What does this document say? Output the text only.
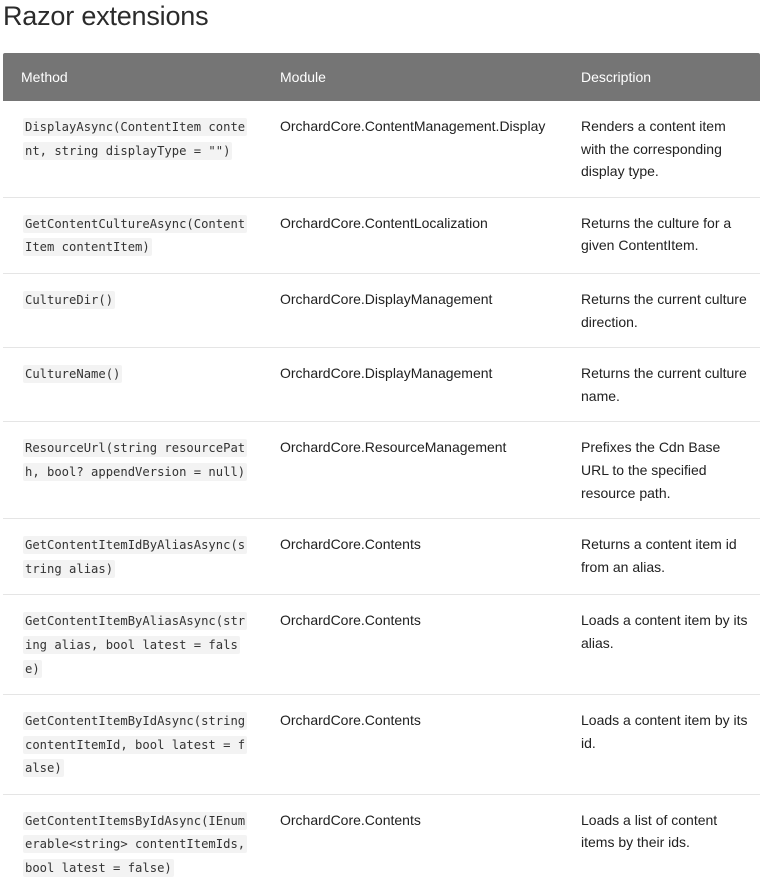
Razor extensions
Method	Module	Description
DisplayAsync(ContentItem content, string displayType = "")	OrchardCore.ContentManagement.Display	Renders a content item with the corresponding display type.
GetContentCultureAsync(ContentItem contentItem)	OrchardCore.ContentLocalization	Returns the culture for a given ContentItem.
CultureDir()	OrchardCore.DisplayManagement	Returns the current culture direction.
CultureName()	OrchardCore.DisplayManagement	Returns the current culture name.
ResourceUrl(string resourcePath, bool? appendVersion = null)	OrchardCore.ResourceManagement	Prefixes the Cdn Base URL to the specified resource path.
GetContentItemIdByAliasAsync(string alias)	OrchardCore.Contents	Returns a content item id from an alias.
GetContentItemByAliasAsync(string alias, bool latest = false)	OrchardCore.Contents	Loads a content item by its alias.
GetContentItemByIdAsync(string contentItemId, bool latest = false)	OrchardCore.Contents	Loads a content item by its id.
GetContentItemsByIdAsync(IEnumerable<string> contentItemIds, bool latest = false)	OrchardCore.Contents	Loads a list of content items by their ids.
